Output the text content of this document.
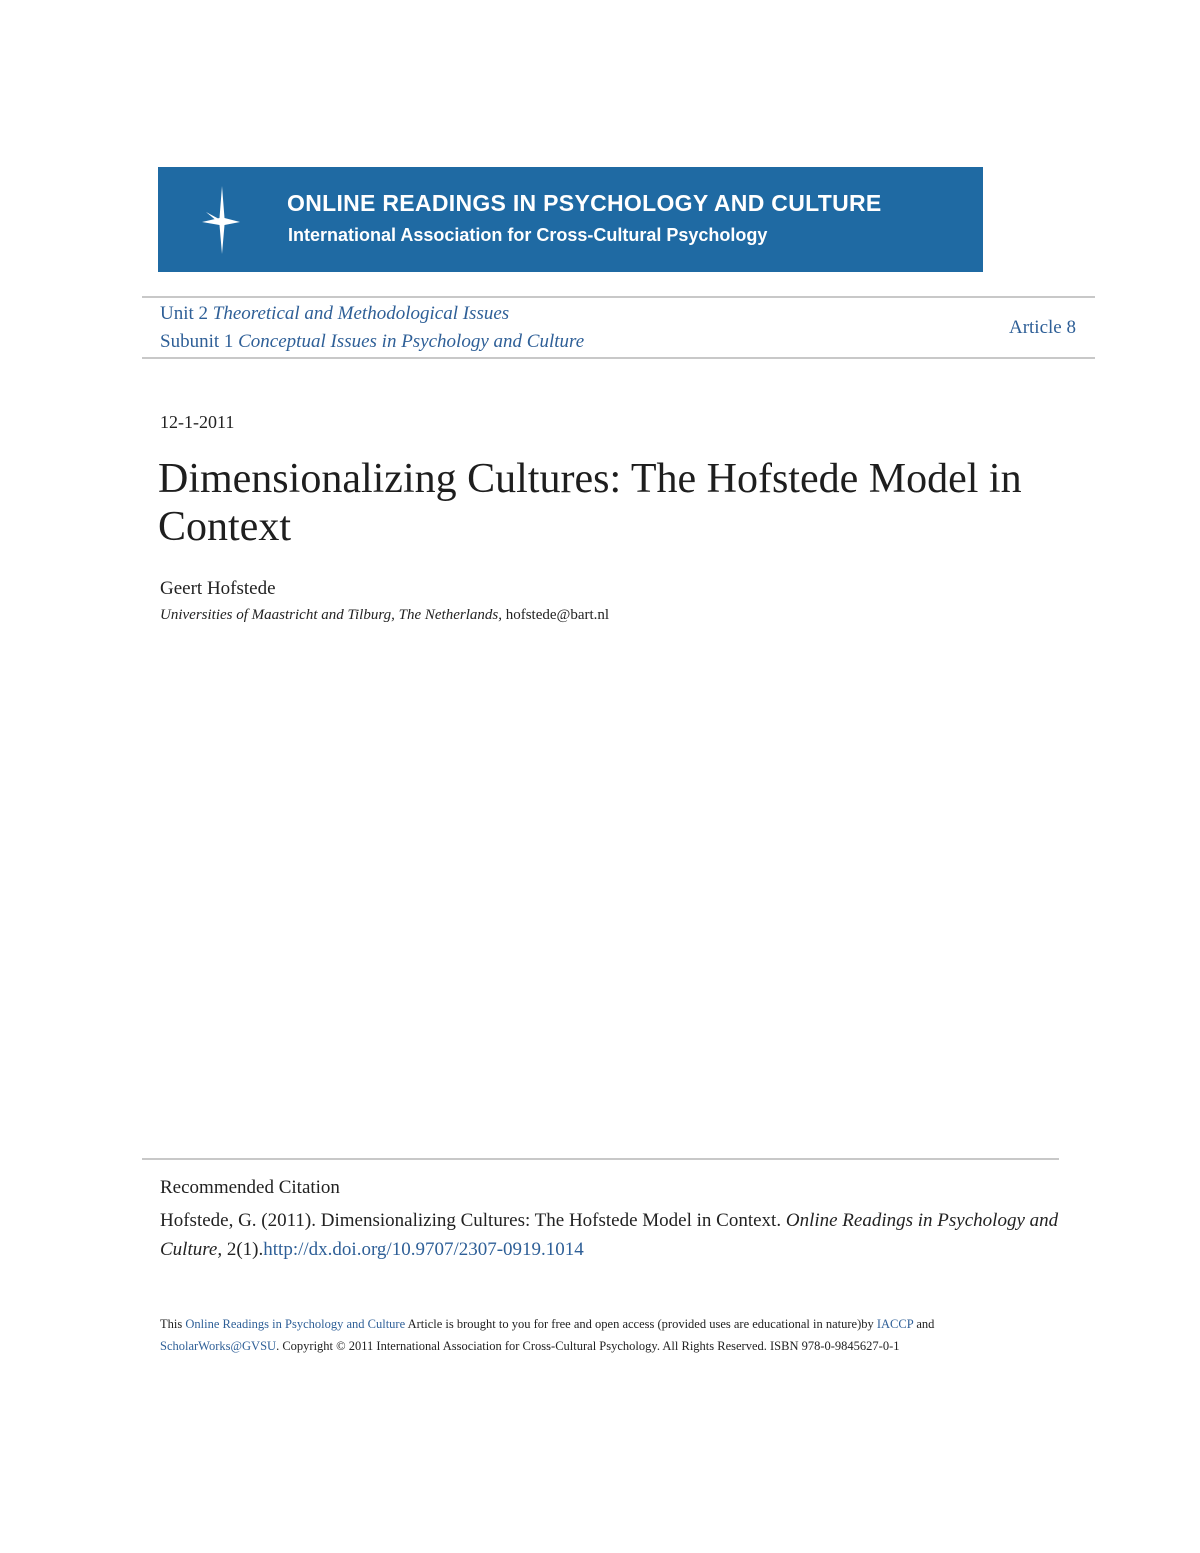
ONLINE READINGS IN PSYCHOLOGY AND CULTURE
International Association for Cross-Cultural Psychology
Unit 2 Theoretical and Methodological Issues
Subunit 1 Conceptual Issues in Psychology and Culture
Article 8
12-1-2011
Dimensionalizing Cultures: The Hofstede Model in Context
Geert Hofstede
Universities of Maastricht and Tilburg, The Netherlands, hofstede@bart.nl
Recommended Citation
Hofstede, G. (2011). Dimensionalizing Cultures: The Hofstede Model in Context. Online Readings in Psychology and Culture, 2(1).http://dx.doi.org/10.9707/2307-0919.1014
This Online Readings in Psychology and Culture Article is brought to you for free and open access (provided uses are educational in nature)by IACCP and ScholarWorks@GVSU. Copyright © 2011 International Association for Cross-Cultural Psychology. All Rights Reserved. ISBN 978-0-9845627-0-1
